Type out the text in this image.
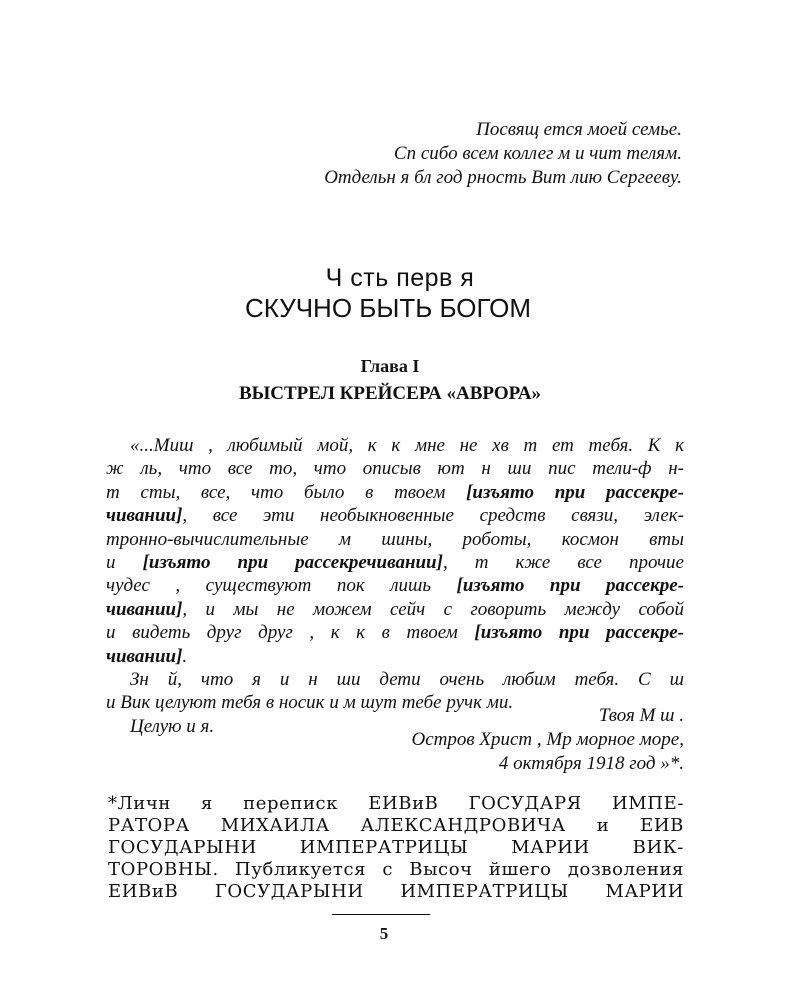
Посвящ ется моей семье.
Сп сибо всем коллег м и чит телям.
Отдельн я бл год рность Вит лию Сергееву.
Ч сть перв я
СКУЧНО БЫТЬ БОГОМ
Глава I
ВЫСТРЕЛ КРЕЙСЕРА «АВРОРА»
«...Миш , любимый мой, к к мне не хв т ет тебя. К к
ж ль, что все то, что описыв ют н ши пис тели-ф н-
т сты, все, что было в твоем [изъято при рассекре-
чивании], все эти необыкновенные средств связи, элек-
тронно-вычислительные м шины, роботы, космон вты
и [изъято при рассекречивании], т кже все прочие
чудес , существуют пок лишь [изъято при рассекре-
чивании], и мы не можем сейч с говорить между собой
и видеть друг друг , к к в твоем [изъято при рассекре-
чивании].
Зн й, что я и н ши дети очень любим тебя. С ш
и Вик целуют тебя в носик и м шут тебе ручк ми.
Целую и я.
Твоя М ш .
Остров Христ , Мр морное море,
4 октября 1918 год »*.
*Личн я переписк ЕИВиВ ГОСУДАРЯ ИМПЕ-
РАТОРА МИХАИЛА АЛЕКСАНДРОВИЧА и ЕИВ
ГОСУДАРЫНИ ИМПЕРАТРИЦЫ МАРИИ ВИК-
ТОРОВНЫ. Публикуется с Высоч йшего дозволения
ЕИВиВ ГОСУДАРЫНИ ИМПЕРАТРИЦЫ МАРИИ
5
